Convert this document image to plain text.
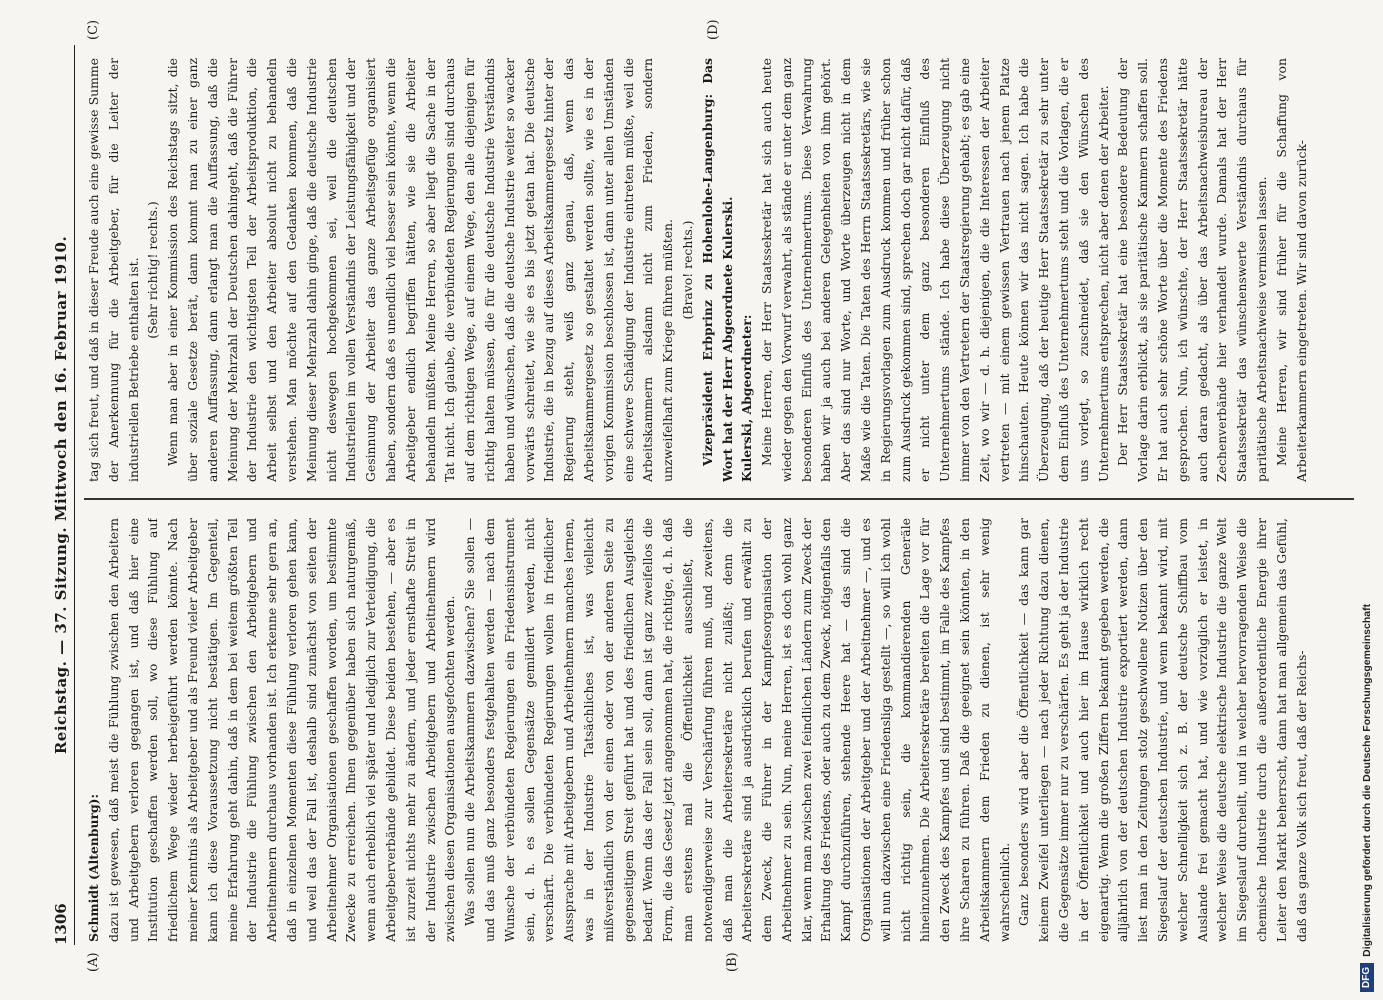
1306
Reichstag. — 37. Sitzung. Mittwoch den 16. Februar 1910.
(A)	(B)
(C)	(D)

Schmidt (Altenburg): dazu ist gewesen, daß meist die Fühlung zwischen den Arbeitern und Arbeitgebern verloren gegangen ist, und daß hier eine Institution geschaffen werden soll, wo diese Fühlung auf friedlichem Wege wieder herbeigeführt werden könnte. Nach meiner Kenntnis als Arbeitgeber und als Freund vieler Arbeitgeber kann ich diese Voraussetzung nicht bestätigen. Im Gegenteil, meine Erfahrung geht dahin, daß in dem bei weitem größten Teil der Industrie die Fühlung zwischen den Arbeitgebern und Arbeitnehmern durchaus vorhanden ist. Ich erkenne sehr gern an, daß in einzelnen Momenten diese Fühlung verloren gehen kann, und weil das der Fall ist, deshalb sind zunächst von seiten der Arbeitnehmer Organisationen geschaffen worden, um bestimmte Zwecke zu erreichen. Ihnen gegenüber haben sich naturgemäß, wenn auch erheblich viel später und lediglich zur Verteidigung, die Arbeitgeberverbände gebildet. Diese beiden bestehen, — aber es ist zurzeit nichts mehr zu ändern, und jeder ernsthafte Streit in der Industrie zwischen Arbeitgebern und Arbeitnehmern wird zwischen diesen Organisationen ausgefochten werden. Was sollen nun die Arbeitskammern dazwischen? Sie sollen — und das muß ganz besonders festgehalten werden — nach dem Wunsche der verbündeten Regierungen ein Friedensinstrument sein, d. h. es sollen Gegensätze gemildert werden, nicht verschärft. Die verbündeten Regierungen wollen in friedlicher Aussprache mit Arbeitgebern und Arbeitnehmern manches lernen, was in der Industrie Tatsächliches ist, was vielleicht mißverständlich von der einen oder von der anderen Seite zu gegenseitigem Streit geführt hat und des friedlichen Ausgleichs bedarf. Wenn das der Fall sein soll, dann ist ganz zweifellos die Form, die das Gesetz jetzt angenommen hat, die richtige, d. h. daß man erstens mal die Öffentlichkeit ausschließt, die notwendigerweise zur Verschärfung führen muß, und zweitens, daß man die Arbeitersekretäre nicht zuläßt; denn die Arbeitersekretäre sind ja ausdrücklich berufen und erwählt zu dem Zweck, die Führer in der Kampfesorganisation der Arbeitnehmer zu sein. Nun, meine Herren, ist es doch wohl ganz klar, wenn man zwischen zwei feindlichen Ländern zum Zweck der Erhaltung des Friedens, oder auch zu dem Zweck, nötigenfalls den Kampf durchzuführen, stehende Heere hat — das sind die Organisationen der Arbeitgeber und der Arbeitnehmer —, und es will nun dazwischen eine Friedensliga gestellt —, so will ich wohl nicht richtig sein, die kommandierenden Generäle hineinzunehmen. Die Arbeitersekretäre bereiten die Lage vor für den Zweck des Kampfes und sind bestimmt, im Falle des Kampfes ihre Scharen zu führen. Daß die geeignet sein könnten, in den Arbeitskammern dem Frieden zu dienen, ist sehr wenig wahrscheinlich. Ganz besonders wird aber die Öffentlichkeit — das kann gar keinem Zweifel unterliegen — nach jeder Richtung dazu dienen, die Gegensätze immer nur zu verschärfen. Es geht ja der Industrie in der Öffentlichkeit und auch hier im Hause wirklich recht eigenartig. Wenn die großen Ziffern bekannt gegeben werden, die alljährlich von der deutschen Industrie exportiert werden, dann liest man in den Zeitungen stolz geschwollene Notizen über den Siegeslauf der deutschen Industrie, und wenn bekannt wird, mit welcher Schnelligkeit sich z. B. der deutsche Schiffbau vom Auslande frei gemacht hat, und wie vorzüglich er leistet, in welcher Weise die deutsche elektrische Industrie die ganze Welt im Siegeslauf durcheilt, und in welcher hervorragenden Weise die chemische Industrie durch die außerordentliche Energie ihrer Leiter den Markt beherrscht, dann hat man allgemein das Gefühl, daß das ganze Volk sich freut, daß der Reichs-

tag sich freut, und daß in dieser Freude auch eine gewisse Summe der Anerkennung für die Arbeitgeber, für die Leiter der industriellen Betriebe enthalten ist. (Sehr richtig! rechts.) Wenn man aber in einer Kommission des Reichstags sitzt, die über soziale Gesetze berät, dann kommt man zu einer ganz anderen Auffassung, dann erlangt man die Auffassung, daß die Meinung der Mehrzahl der Deutschen dahingeht, daß die Führer der Industrie den wichtigsten Teil der Arbeitsproduktion, die Arbeit selbst und den Arbeiter absolut nicht zu behandeln verstehen. Man möchte auf den Gedanken kommen, daß die Meinung dieser Mehrzahl dahin ginge, daß die deutsche Industrie nicht deswegen hochgekommen sei, weil die deutschen Industriellen im vollen Verständnis der Leistungsfähigkeit und der Gesinnung der Arbeiter das ganze Arbeitsgefüge organisiert haben, sondern daß es unendlich viel besser sein könnte, wenn die Arbeitgeber endlich begriffen hätten, wie sie die Arbeiter behandeln müßten. Meine Herren, so aber liegt die Sache in der Tat nicht. Ich glaube, die verbündeten Regierungen sind durchaus auf dem richtigen Wege, auf einem Wege, den alle diejenigen für richtig halten müssen, die für die deutsche Industrie Verständnis haben und wünschen, daß die deutsche Industrie weiter so wacker vorwärts schreitet, wie sie es bis jetzt getan hat. Die deutsche Industrie, die in bezug auf dieses Arbeitskammergesetz hinter der Regierung steht, weiß ganz genau, daß, wenn das Arbeitskammergesetz so gestaltet werden sollte, wie es in der vorigen Kommission beschlossen ist, dann unter allen Umständen eine schwere Schädigung der Industrie eintreten müßte, weil die Arbeitskammern alsdann nicht zum Frieden, sondern unzweifelhaft zum Kriege führen müßten. (Bravo! rechts.) Vizepräsident Erbprinz zu Hohenlohe-Langenburg: Das Wort hat der Herr Abgeordnete Kulerski. Kulerski, Abgeordneter: Meine Herren, der Herr Staatssekretär hat sich auch heute wieder gegen den Vorwurf verwahrt, als stände er unter dem ganz besonderen Einfluß des Unternehmertums. Diese Verwahrung haben wir ja auch bei anderen Gelegenheiten von ihm gehört. Aber das sind nur Worte, und Worte überzeugen nicht in dem Maße wie die Taten. Die Taten des Herrn Staatssekretärs, wie sie in Regierungsvorlagen zum Ausdruck kommen und früher schon zum Ausdruck gekommen sind, sprechen doch gar nicht dafür, daß er nicht unter dem ganz besonderen Einfluß des Unternehmertums stände. Ich habe diese Überzeugung nicht immer von den Vertretern der Staatsregierung gehabt; es gab eine Zeit, wo wir — d. h. diejenigen, die die Interessen der Arbeiter vertreten — mit einem gewissen Vertrauen nach jenem Platze hinschauten. Heute können wir das nicht sagen. Ich habe die Überzeugung, daß der heutige Herr Staatssekretär zu sehr unter dem Einfluß des Unternehmertums steht und die Vorlagen, die er uns vorlegt, so zuschneidet, daß sie den Wünschen des Unternehmertums entsprechen, nicht aber denen der Arbeiter. Der Herr Staatssekretär hat eine besondere Bedeutung der Vorlage darin erblickt, als sie paritätische Kammern schaffen soll. Er hat auch sehr schöne Worte über die Momente des Friedens gesprochen. Nun, ich wünschte, der Herr Staatssekretär hätte auch daran gedacht, als über das Arbeitsnachweisbureau der Zechenverbände hier verhandelt wurde. Damals hat der Herr Staatssekretär das wünschenswerte Verständnis durchaus für paritätische Arbeitsnachweise vermissen lassen. Meine Herren, wir sind früher für die Schaffung von Arbeiterkammern eingetreten. Wir sind davon zurück-

DFGDigitalisierung gefördert durch die Deutsche Forschungsgemeinschaft
